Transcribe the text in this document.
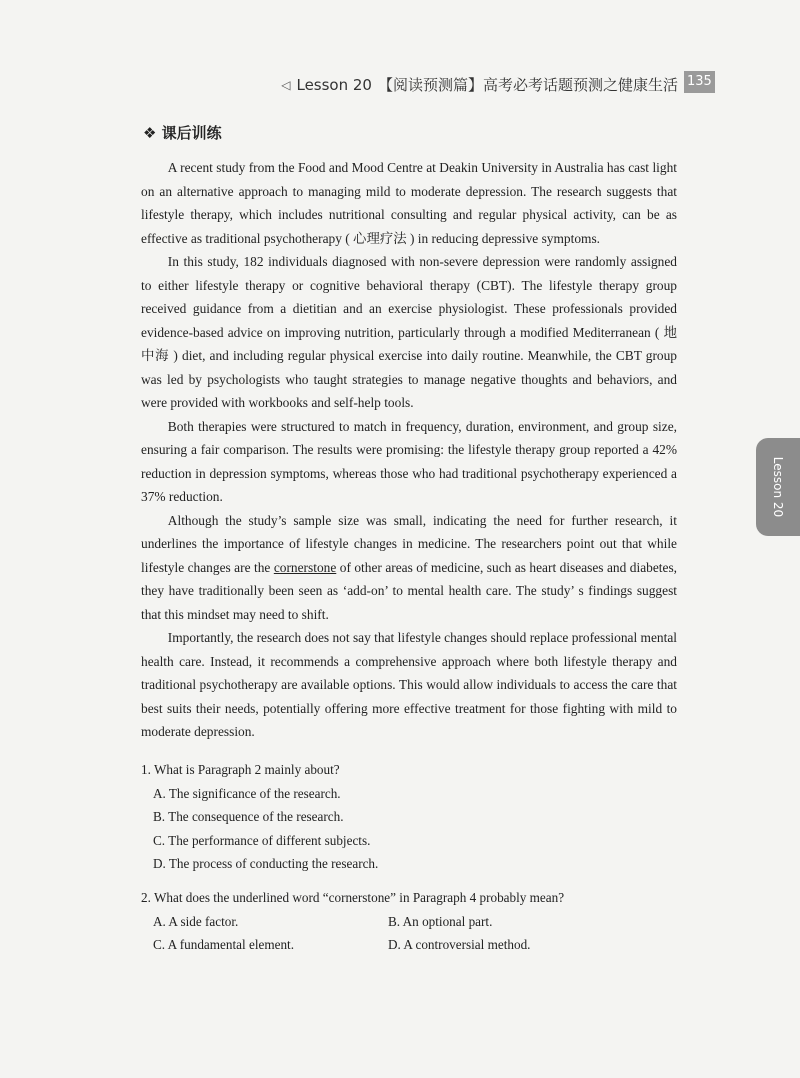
◁ Lesson 20 【阅读预测篇】高考必考话题预测之健康生活 135
❖ 课后训练

A recent study from the Food and Mood Centre at Deakin University in Australia has cast light on an alternative approach to managing mild to moderate depression. The research suggests that lifestyle therapy, which includes nutritional consulting and regular physical activity, can be as effective as traditional psychotherapy ( 心理疗法 ) in reducing depressive symptoms.

In this study, 182 individuals diagnosed with non-severe depression were randomly assigned to either lifestyle therapy or cognitive behavioral therapy (CBT). The lifestyle therapy group received guidance from a dietitian and an exercise physiologist. These professionals provided evidence-based advice on improving nutrition, particularly through a modified Mediterranean ( 地中海 ) diet, and including regular physical exercise into daily routine. Meanwhile, the CBT group was led by psychologists who taught strategies to manage negative thoughts and behaviors, and were provided with workbooks and self-help tools.

Both therapies were structured to match in frequency, duration, environment, and group size, ensuring a fair comparison. The results were promising: the lifestyle therapy group reported a 42% reduction in depression symptoms, whereas those who had traditional psychotherapy experienced a 37% reduction.

Although the study’s sample size was small, indicating the need for further research, it underlines the importance of lifestyle changes in medicine. The researchers point out that while lifestyle changes are the cornerstone of other areas of medicine, such as heart diseases and diabetes, they have traditionally been seen as ‘add-on’ to mental health care. The study’ s findings suggest that this mindset may need to shift.

Importantly, the research does not say that lifestyle changes should replace professional mental health care. Instead, it recommends a comprehensive approach where both lifestyle therapy and traditional psychotherapy are available options. This would allow individuals to access the care that best suits their needs, potentially offering more effective treatment for those fighting with mild to moderate depression.

Lesson 20

1. What is Paragraph 2 mainly about?

A. The significance of the research.
B. The consequence of the research.
C. The performance of different subjects.
D. The process of conducting the research.

2. What does the underlined word “cornerstone” in Paragraph 4 probably mean?

A. A side factor.	B. An optional part.
C. A fundamental element.	D. A controversial method.
